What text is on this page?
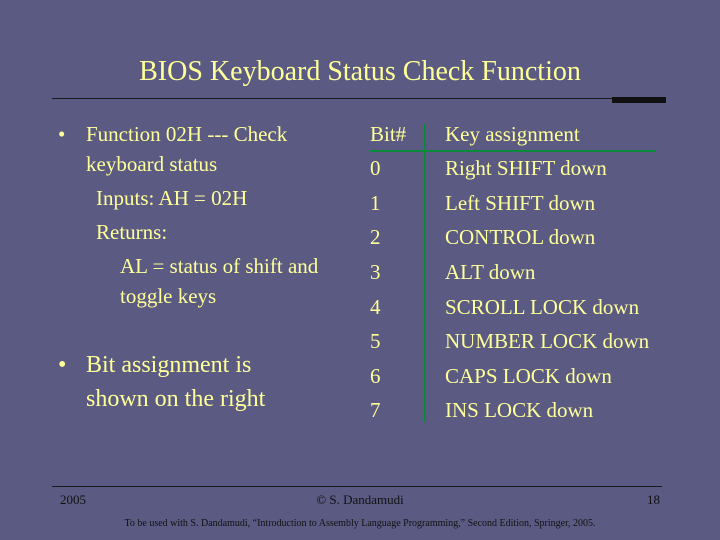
BIOS Keyboard Status Check Function
• Function 02H --- Check
keyboard status
Inputs: AH = 02H
Returns:
AL = status of shift and
toggle keys
• Bit assignment is
shown on the right
Bit#
0
1
2
3
4
5
6
7
Key assignment
Right SHIFT down
Left SHIFT down
CONTROL down
ALT down
SCROLL LOCK down
NUMBER LOCK down
CAPS LOCK down
INS LOCK down
2005	© S. Dandamudi	18
To be used with S. Dandamudi, “Introduction to Assembly Language Programming,” Second Edition, Springer, 2005.
